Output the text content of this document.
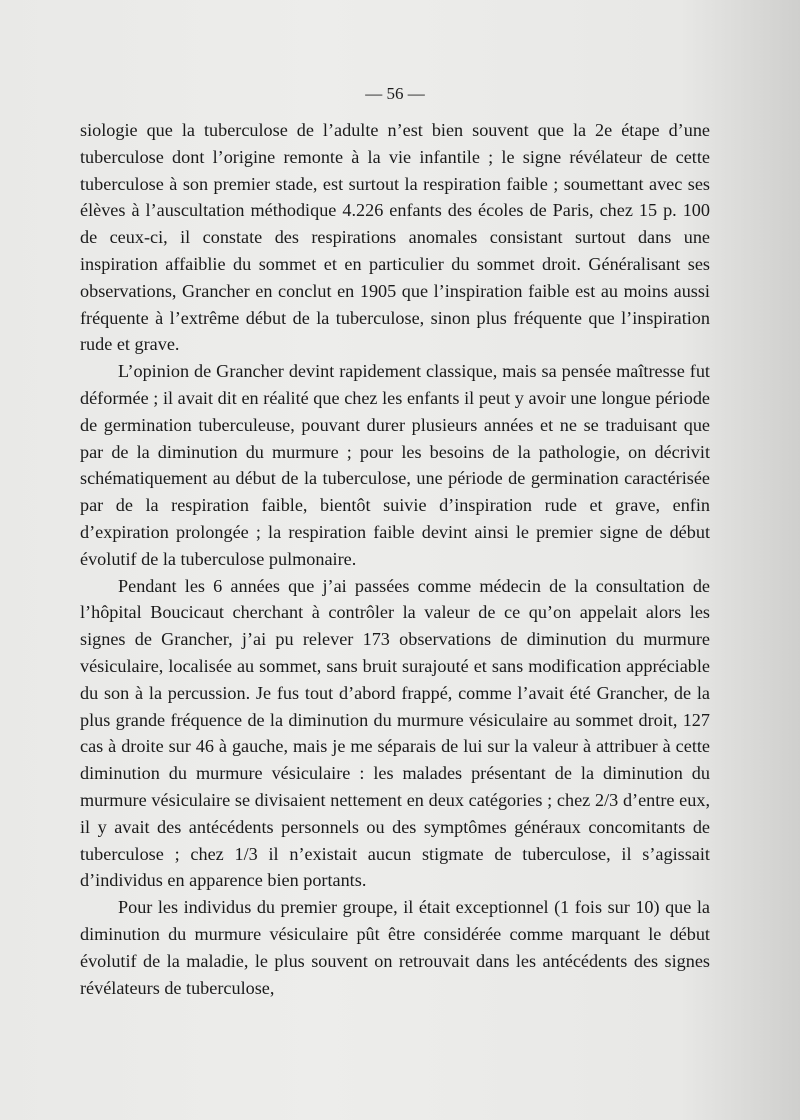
— 56 —

siologie que la tuberculose de l’adulte n’est bien souvent que la 2e étape d’une tuberculose dont l’origine remonte à la vie infantile ; le signe révélateur de cette tuberculose à son premier stade, est surtout la respiration faible ; soumettant avec ses élèves à l’auscultation méthodique 4.226 enfants des écoles de Paris, chez 15 p. 100 de ceux-ci, il constate des respirations anomales consistant surtout dans une inspiration affaiblie du sommet et en particulier du sommet droit. Généralisant ses observations, Grancher en conclut en 1905 que l’inspiration faible est au moins aussi fréquente à l’extrême début de la tuberculose, sinon plus fréquente que l’inspiration rude et grave.

L’opinion de Grancher devint rapidement classique, mais sa pensée maîtresse fut déformée ; il avait dit en réalité que chez les enfants il peut y avoir une longue période de germination tuberculeuse, pouvant durer plusieurs années et ne se traduisant que par de la diminution du murmure ; pour les besoins de la pathologie, on décrivit schématiquement au début de la tuberculose, une période de germination caractérisée par de la respiration faible, bientôt suivie d’inspiration rude et grave, enfin d’expiration prolongée ; la respiration faible devint ainsi le premier signe de début évolutif de la tuberculose pulmonaire.

Pendant les 6 années que j’ai passées comme médecin de la consultation de l’hôpital Boucicaut cherchant à contrôler la valeur de ce qu’on appelait alors les signes de Grancher, j’ai pu relever 173 observations de diminution du murmure vésiculaire, localisée au sommet, sans bruit surajouté et sans modification appréciable du son à la percussion. Je fus tout d’abord frappé, comme l’avait été Grancher, de la plus grande fréquence de la diminution du murmure vésiculaire au sommet droit, 127 cas à droite sur 46 à gauche, mais je me séparais de lui sur la valeur à attribuer à cette diminution du murmure vésiculaire : les malades présentant de la diminution du murmure vésiculaire se divisaient nettement en deux catégories ; chez 2/3 d’entre eux, il y avait des antécédents personnels ou des symptômes généraux concomitants de tuberculose ; chez 1/3 il n’existait aucun stigmate de tuberculose, il s’agissait d’individus en apparence bien portants.

Pour les individus du premier groupe, il était exceptionnel (1 fois sur 10) que la diminution du murmure vésiculaire pût être considérée comme marquant le début évolutif de la maladie, le plus souvent on retrouvait dans les antécédents des signes révélateurs de tuberculose,
